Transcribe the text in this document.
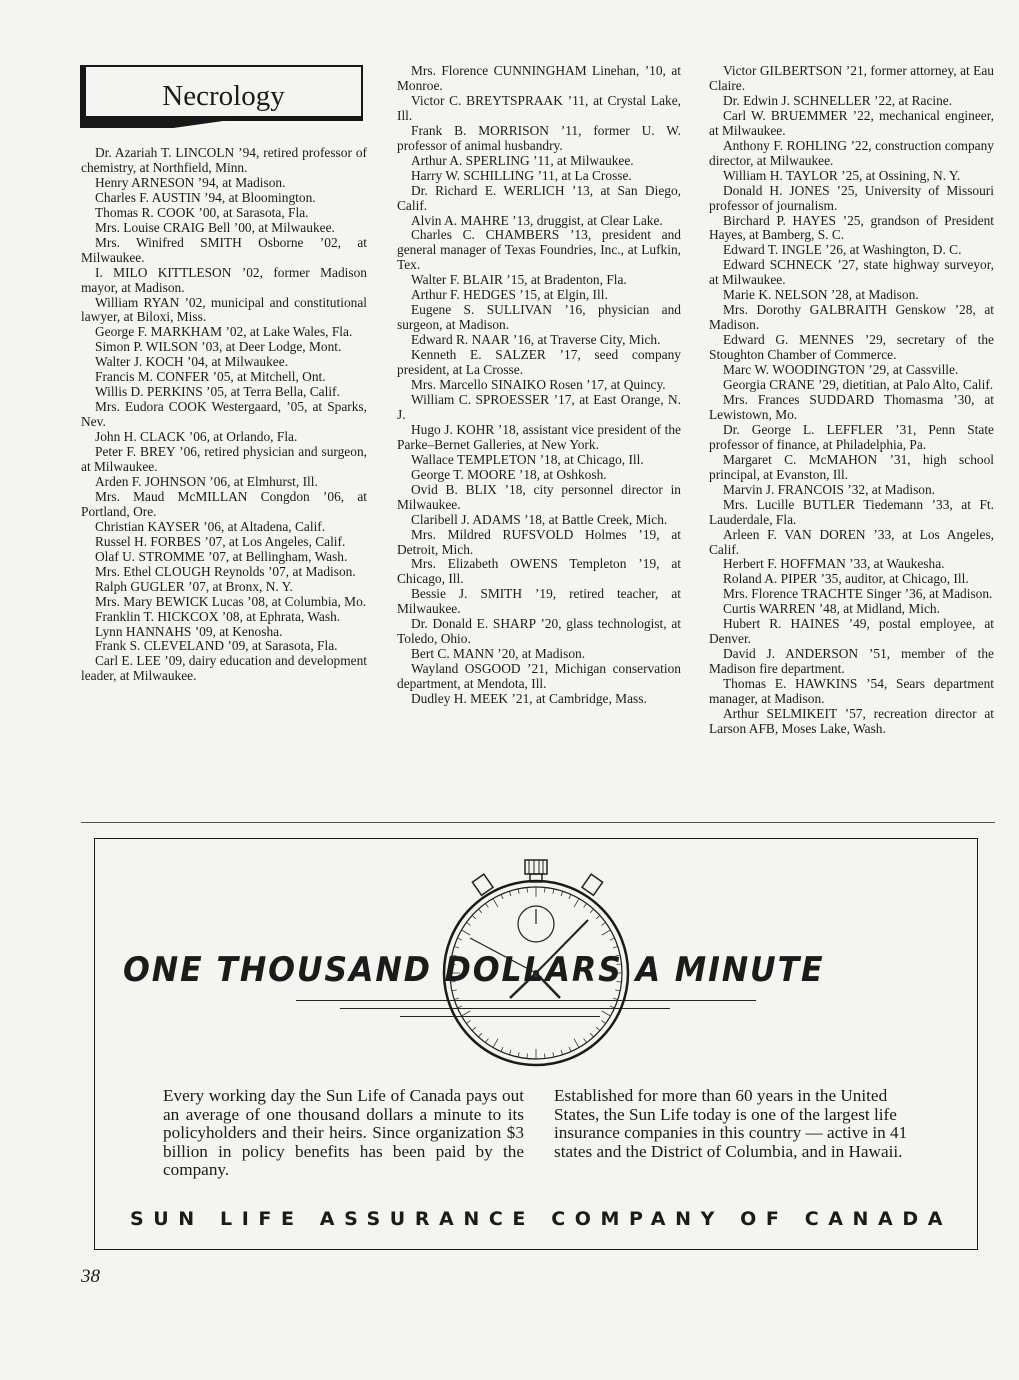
Necrology

Dr. Azariah T. LINCOLN ’94, retired professor of chemistry, at Northfield, Minn.

Henry ARNESON ’94, at Madison.

Charles F. AUSTIN ’94, at Bloomington.

Thomas R. COOK ’00, at Sarasota, Fla.

Mrs. Louise CRAIG Bell ’00, at Milwaukee.

Mrs. Winifred SMITH Osborne ’02, at Milwaukee.

I. MILO KITTLESON ’02, former Madison mayor, at Madison.

William RYAN ’02, municipal and constitutional lawyer, at Biloxi, Miss.

George F. MARKHAM ’02, at Lake Wales, Fla.

Simon P. WILSON ’03, at Deer Lodge, Mont.

Walter J. KOCH ’04, at Milwaukee.

Francis M. CONFER ’05, at Mitchell, Ont.

Willis D. PERKINS ’05, at Terra Bella, Calif.

Mrs. Eudora COOK Westergaard, ’05, at Sparks, Nev.

John H. CLACK ’06, at Orlando, Fla.

Peter F. BREY ’06, retired physician and surgeon, at Milwaukee.

Arden F. JOHNSON ’06, at Elmhurst, Ill.

Mrs. Maud McMILLAN Congdon ’06, at Portland, Ore.

Christian KAYSER ’06, at Altadena, Calif.

Russel H. FORBES ’07, at Los Angeles, Calif.

Olaf U. STROMME ’07, at Bellingham, Wash.

Mrs. Ethel CLOUGH Reynolds ’07, at Madison.

Ralph GUGLER ’07, at Bronx, N. Y.

Mrs. Mary BEWICK Lucas ’08, at Columbia, Mo.

Franklin T. HICKCOX ’08, at Ephrata, Wash.

Lynn HANNAHS ’09, at Kenosha.

Frank S. CLEVELAND ’09, at Sarasota, Fla.

Carl E. LEE ’09, dairy education and development leader, at Milwaukee.

Mrs. Florence CUNNINGHAM Linehan, ’10, at Monroe.

Victor C. BREYTSPRAAK ’11, at Crystal Lake, Ill.

Frank B. MORRISON ’11, former U. W. professor of animal husbandry.

Arthur A. SPERLING ’11, at Milwaukee.

Harry W. SCHILLING ’11, at La Crosse.

Dr. Richard E. WERLICH ’13, at San Diego, Calif.

Alvin A. MAHRE ’13, druggist, at Clear Lake.

Charles C. CHAMBERS ’13, president and general manager of Texas Foundries, Inc., at Lufkin, Tex.

Walter F. BLAIR ’15, at Bradenton, Fla.

Arthur F. HEDGES ’15, at Elgin, Ill.

Eugene S. SULLIVAN ’16, physician and surgeon, at Madison.

Edward R. NAAR ’16, at Traverse City, Mich.

Kenneth E. SALZER ’17, seed company president, at La Crosse.

Mrs. Marcello SINAIKO Rosen ’17, at Quincy.

William C. SPROESSER ’17, at East Orange, N. J.

Hugo J. KOHR ’18, assistant vice president of the Parke–Bernet Galleries, at New York.

Wallace TEMPLETON ’18, at Chicago, Ill.

George T. MOORE ’18, at Oshkosh.

Ovid B. BLIX ’18, city personnel director in Milwaukee.

Claribell J. ADAMS ’18, at Battle Creek, Mich.

Mrs. Mildred RUFSVOLD Holmes ’19, at Detroit, Mich.

Mrs. Elizabeth OWENS Templeton ’19, at Chicago, Ill.

Bessie J. SMITH ’19, retired teacher, at Milwaukee.

Dr. Donald E. SHARP ’20, glass technologist, at Toledo, Ohio.

Bert C. MANN ’20, at Madison.

Wayland OSGOOD ’21, Michigan conservation department, at Mendota, Ill.

Dudley H. MEEK ’21, at Cambridge, Mass.

Victor GILBERTSON ’21, former attorney, at Eau Claire.

Dr. Edwin J. SCHNELLER ’22, at Racine.

Carl W. BRUEMMER ’22, mechanical engineer, at Milwaukee.

Anthony F. ROHLING ’22, construction company director, at Milwaukee.

William H. TAYLOR ’25, at Ossining, N. Y.

Donald H. JONES ’25, University of Missouri professor of journalism.

Birchard P. HAYES ’25, grandson of President Hayes, at Bamberg, S. C.

Edward T. INGLE ’26, at Washington, D. C.

Edward SCHNECK ’27, state highway surveyor, at Milwaukee.

Marie K. NELSON ’28, at Madison.

Mrs. Dorothy GALBRAITH Genskow ’28, at Madison.

Edward G. MENNES ’29, secretary of the Stoughton Chamber of Commerce.

Marc W. WOODINGTON ’29, at Cassville.

Georgia CRANE ’29, dietitian, at Palo Alto, Calif.

Mrs. Frances SUDDARD Thomasma ’30, at Lewistown, Mo.

Dr. George L. LEFFLER ’31, Penn State professor of finance, at Philadelphia, Pa.

Margaret C. McMAHON ’31, high school principal, at Evanston, Ill.

Marvin J. FRANCOIS ’32, at Madison.

Mrs. Lucille BUTLER Tiedemann ’33, at Ft. Lauderdale, Fla.

Arleen F. VAN DOREN ’33, at Los Angeles, Calif.

Herbert F. HOFFMAN ’33, at Waukesha.

Roland A. PIPER ’35, auditor, at Chicago, Ill.

Mrs. Florence TRACHTE Singer ’36, at Madison.

Curtis WARREN ’48, at Midland, Mich.

Hubert R. HAINES ’49, postal employee, at Denver.

David J. ANDERSON ’51, member of the Madison fire department.

Thomas E. HAWKINS ’54, Sears department manager, at Madison.

Arthur SELMIKEIT ’57, recreation director at Larson AFB, Moses Lake, Wash.

ONE THOUSAND DOLLARS A MINUTE
Every working day the Sun Life of Canada pays out an average of one thousand dollars a minute to its policyholders and their heirs. Since organization $3 billion in policy benefits has been paid by the company.
Established for more than 60 years in the United States, the Sun Life today is one of the largest life insurance companies in this country — active in 41 states and the District of Columbia, and in Hawaii.
SUN LIFE ASSURANCE COMPANY OF CANADA
38
